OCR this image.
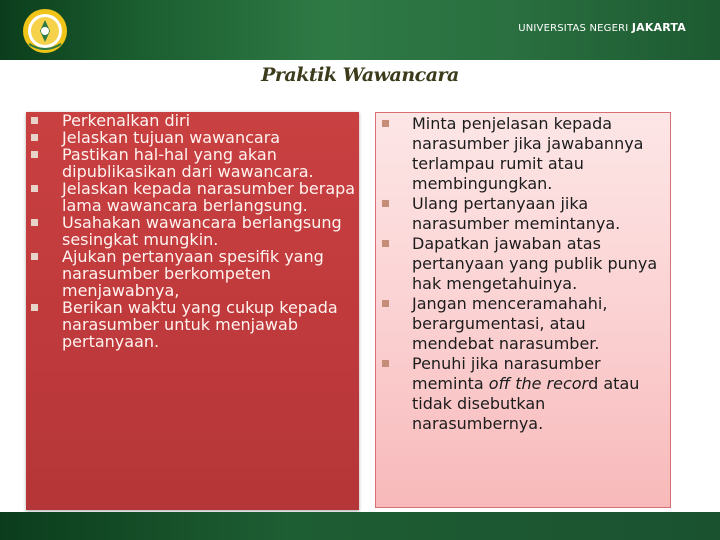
UNIVERSITAS NEGERI JAKARTA
Praktik Wawancara
Perkenalkan diri
Jelaskan tujuan wawancara
Pastikan hal-hal yang akan dipublikasikan dari wawancara.
Jelaskan kepada narasumber berapa lama wawancara berlangsung.
Usahakan wawancara berlangsung sesingkat mungkin.
Ajukan pertanyaan spesifik yang narasumber berkompeten menjawabnya,
Berikan waktu yang cukup kepada narasumber untuk menjawab pertanyaan.
Minta penjelasan kepada narasumber jika jawabannya terlampau rumit atau membingungkan.
Ulang pertanyaan jika narasumber memintanya.
Dapatkan jawaban atas pertanyaan yang publik punya hak mengetahuinya.
Jangan menceramahahi, berargumentasi, atau mendebat narasumber.
Penuhi jika narasumber meminta off the record atau tidak disebutkan narasumbernya.
